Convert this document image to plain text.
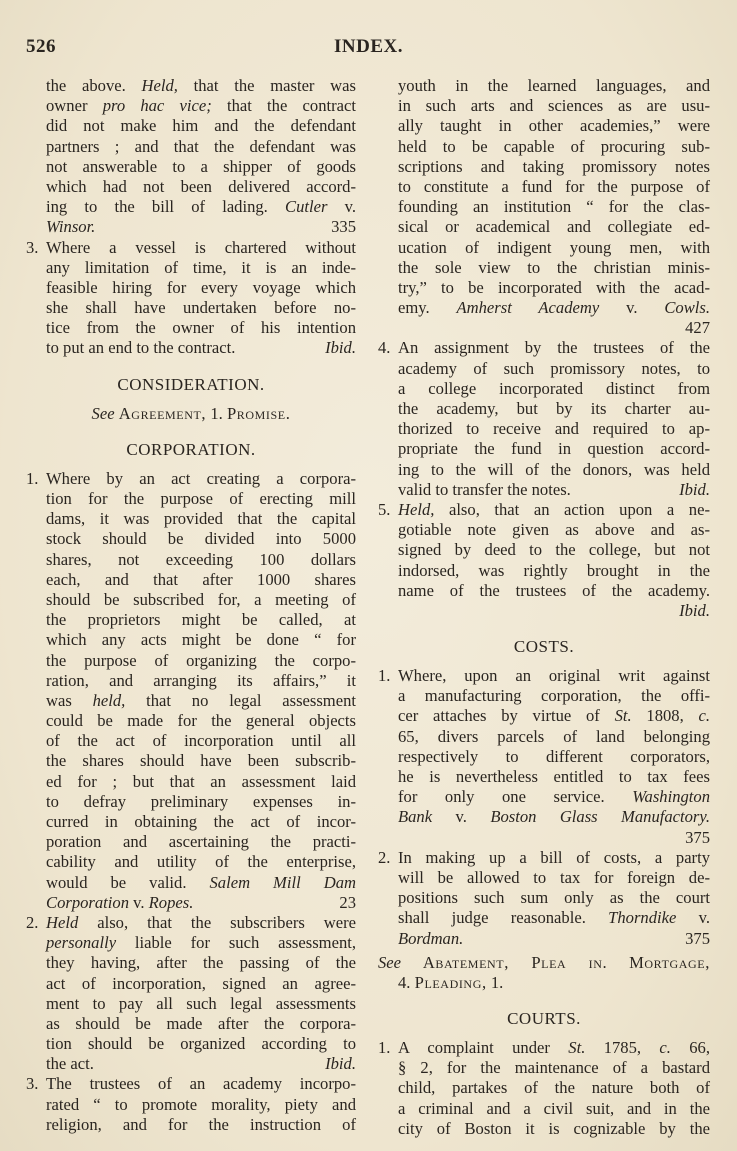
526	INDEX.
the above. Held, that the master was
owner pro hac vice; that the contract
did not make him and the defendant
partners ; and that the defendant was
not answerable to a shipper of goods
which had not been delivered accord-
ing to the bill of lading. Cutler v.
Winsor.	335
3. Where a vessel is chartered without
any limitation of time, it is an inde-
feasible hiring for every voyage which
she shall have undertaken before no-
tice from the owner of his intention
to put an end to the contract.	Ibid.
CONSIDERATION.
See Agreement, 1. Promise.
CORPORATION.
1. Where by an act creating a corpora-
tion for the purpose of erecting mill
dams, it was provided that the capital
stock should be divided into 5000
shares, not exceeding 100 dollars
each, and that after 1000 shares
should be subscribed for, a meeting of
the proprietors might be called, at
which any acts might be done “ for
the purpose of organizing the corpo-
ration, and arranging its affairs,” it
was held, that no legal assessment
could be made for the general objects
of the act of incorporation until all
the shares should have been subscrib-
ed for ; but that an assessment laid
to defray preliminary expenses in-
curred in obtaining the act of incor-
poration and ascertaining the practi-
cability and utility of the enterprise,
would be valid. Salem Mill Dam
Corporation v. Ropes.	23
2. Held also, that the subscribers were
personally liable for such assessment,
they having, after the passing of the
act of incorporation, signed an agree-
ment to pay all such legal assessments
as should be made after the corpora-
tion should be organized according to
the act.	Ibid.
3. The trustees of an academy incorpo-
rated “ to promote morality, piety and
religion, and for the instruction of
youth in the learned languages, and
in such arts and sciences as are usu-
ally taught in other academies,” were
held to be capable of procuring sub-
scriptions and taking promissory notes
to constitute a fund for the purpose of
founding an institution “ for the clas-
sical or academical and collegiate ed-
ucation of indigent young men, with
the sole view to the christian minis-
try,” to be incorporated with the acad-
emy. Amherst Academy v. Cowls.
427
4. An assignment by the trustees of the
academy of such promissory notes, to
a college incorporated distinct from
the academy, but by its charter au-
thorized to receive and required to ap-
propriate the fund in question accord-
ing to the will of the donors, was held
valid to transfer the notes.	Ibid.
5. Held, also, that an action upon a ne-
gotiable note given as above and as-
signed by deed to the college, but not
indorsed, was rightly brought in the
name of the trustees of the academy.
Ibid.
COSTS.
1. Where, upon an original writ against
a manufacturing corporation, the offi-
cer attaches by virtue of St. 1808, c.
65, divers parcels of land belonging
respectively to different corporators,
he is nevertheless entitled to tax fees
for only one service. Washington
Bank v. Boston Glass Manufactory.
375
2. In making up a bill of costs, a party
will be allowed to tax for foreign de-
positions such sum only as the court
shall judge reasonable. Thorndike v.
Bordman.	375
See Abatement, Plea in. Mortgage,
4. Pleading, 1.
COURTS.
1. A complaint under St. 1785, c. 66,
§ 2, for the maintenance of a bastard
child, partakes of the nature both of
a criminal and a civil suit, and in the
city of Boston it is cognizable by the
